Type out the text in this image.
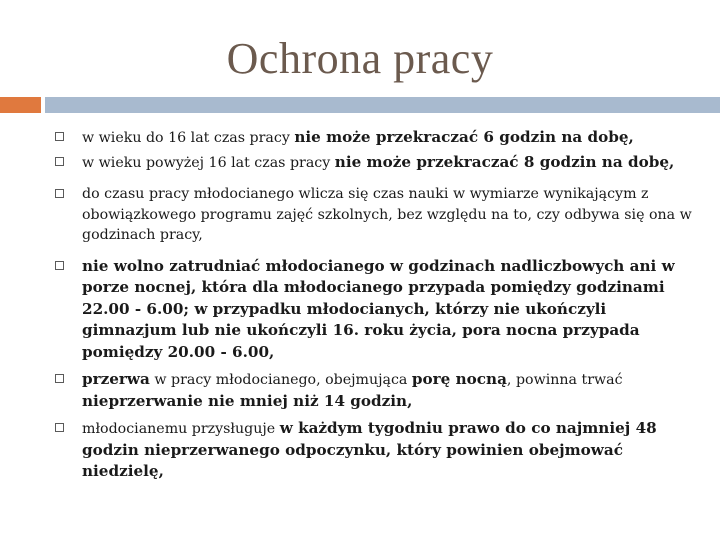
Ochrona pracy
w wieku do 16 lat czas pracy nie może przekraczać 6 godzin na dobę,
w wieku powyżej 16 lat czas pracy nie może przekraczać 8 godzin na dobę,
do czasu pracy młodocianego wlicza się czas nauki w wymiarze wynikającym z obowiązkowego programu zajęć szkolnych, bez względu na to, czy odbywa się ona w godzinach pracy,
nie wolno zatrudniać młodocianego w godzinach nadliczbowych ani w porze nocnej, która dla młodocianego przypada pomiędzy godzinami 22.00 - 6.00; w przypadku młodocianych, którzy nie ukończyli gimnazjum lub nie ukończyli 16. roku życia, pora nocna przypada pomiędzy 20.00 - 6.00,
przerwa w pracy młodocianego, obejmująca porę nocną, powinna trwać nieprzerwanie nie mniej niż 14 godzin,
młodocianemu przysługuje w każdym tygodniu prawo do co najmniej 48 godzin nieprzerwanego odpoczynku, który powinien obejmować niedzielę,
